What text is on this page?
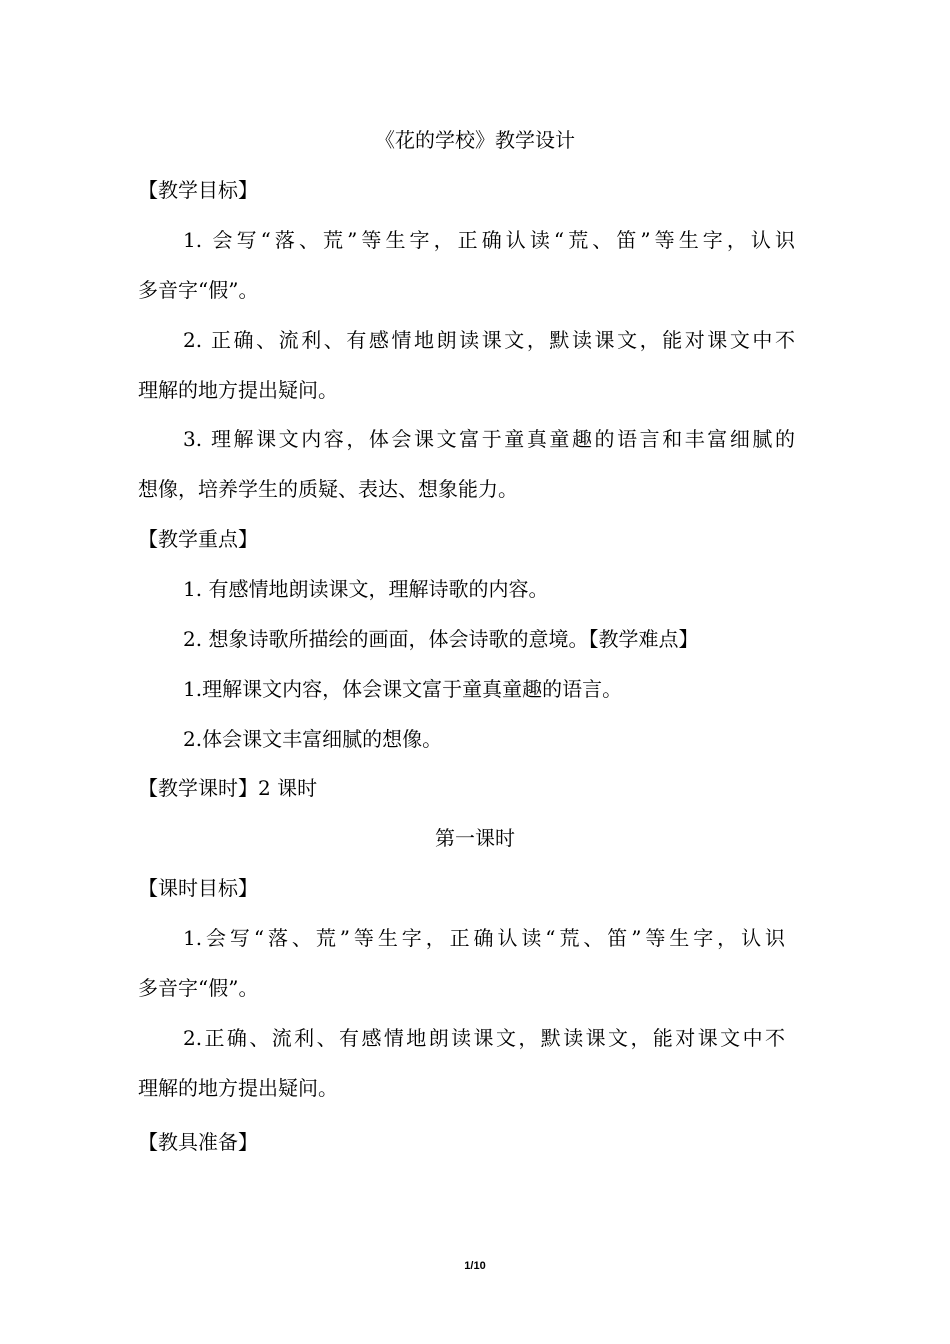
《花的学校》教学设计
【教学目标】
1. 会写“落、荒”等生字，正确认读“荒、笛”等生字，认识
多音字“假”。
2. 正确、流利、有感情地朗读课文，默读课文，能对课文中不
理解的地方提出疑问。
3. 理解课文内容，体会课文富于童真童趣的语言和丰富细腻的
想像，培养学生的质疑、表达、想象能力。
【教学重点】
1. 有感情地朗读课文，理解诗歌的内容。
2. 想象诗歌所描绘的画面，体会诗歌的意境。【教学难点】
1.理解课文内容，体会课文富于童真童趣的语言。
2.体会课文丰富细腻的想像。
【教学课时】2 课时
第一课时
【课时目标】
1.会写“落、荒”等生字，正确认读“荒、笛”等生字，认识
多音字“假”。
2.正确、流利、有感情地朗读课文，默读课文，能对课文中不
理解的地方提出疑问。
【教具准备】
1/10
